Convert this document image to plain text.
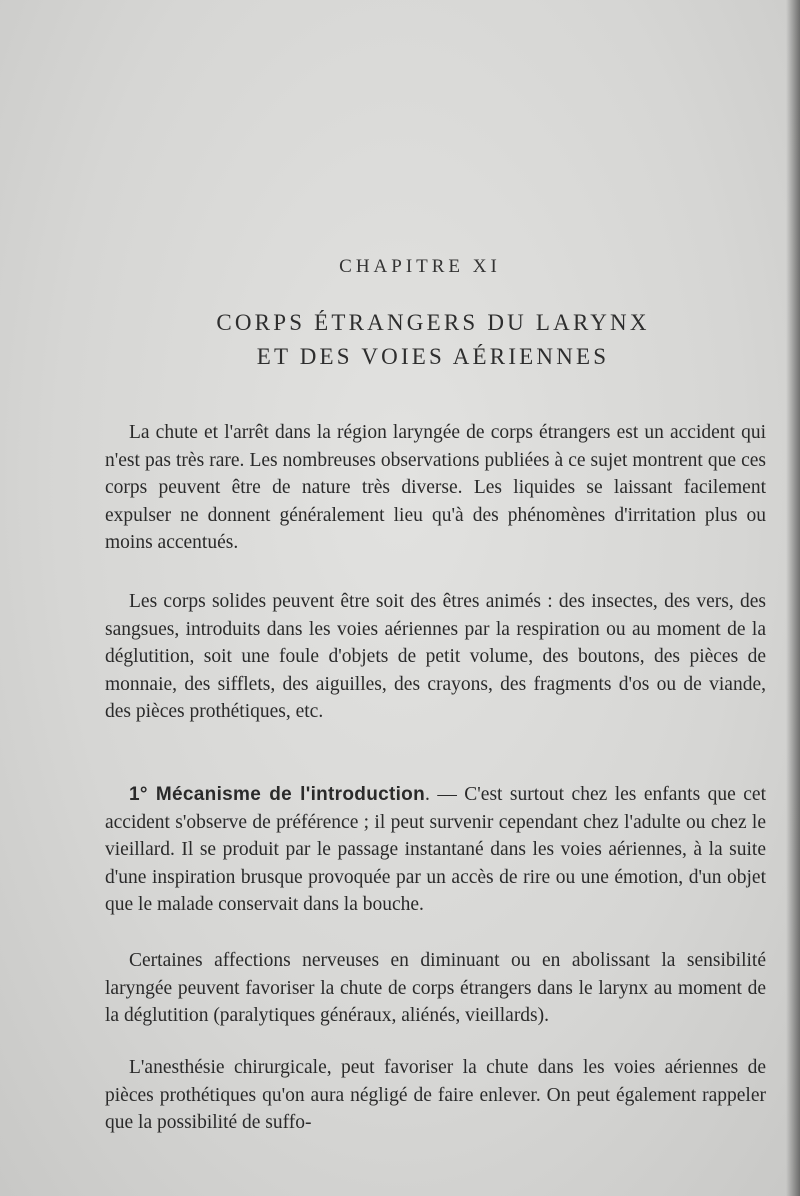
CHAPITRE XI
CORPS ÉTRANGERS DU LARYNX
ET DES VOIES AÉRIENNES

La chute et l'arrêt dans la région laryngée de corps étrangers est un accident qui n'est pas très rare. Les nombreuses observations publiées à ce sujet montrent que ces corps peuvent être de nature très diverse. Les liquides se laissant facilement expulser ne donnent généralement lieu qu'à des phénomènes d'irritation plus ou moins accentués.

Les corps solides peuvent être soit des êtres animés : des insectes, des vers, des sangsues, introduits dans les voies aériennes par la respiration ou au moment de la déglutition, soit une foule d'objets de petit volume, des boutons, des pièces de monnaie, des sifflets, des aiguilles, des crayons, des fragments d'os ou de viande, des pièces prothétiques, etc.

1° Mécanisme de l'introduction. — C'est surtout chez les enfants que cet accident s'observe de préférence ; il peut survenir cependant chez l'adulte ou chez le vieillard. Il se produit par le passage instantané dans les voies aériennes, à la suite d'une inspiration brusque provoquée par un accès de rire ou une émotion, d'un objet que le malade conservait dans la bouche.

Certaines affections nerveuses en diminuant ou en abolissant la sensibilité laryngée peuvent favoriser la chute de corps étrangers dans le larynx au moment de la déglutition (paralytiques généraux, aliénés, vieillards).

L'anesthésie chirurgicale, peut favoriser la chute dans les voies aériennes de pièces prothétiques qu'on aura négligé de faire enlever. On peut également rappeler que la possibilité de suffo-
